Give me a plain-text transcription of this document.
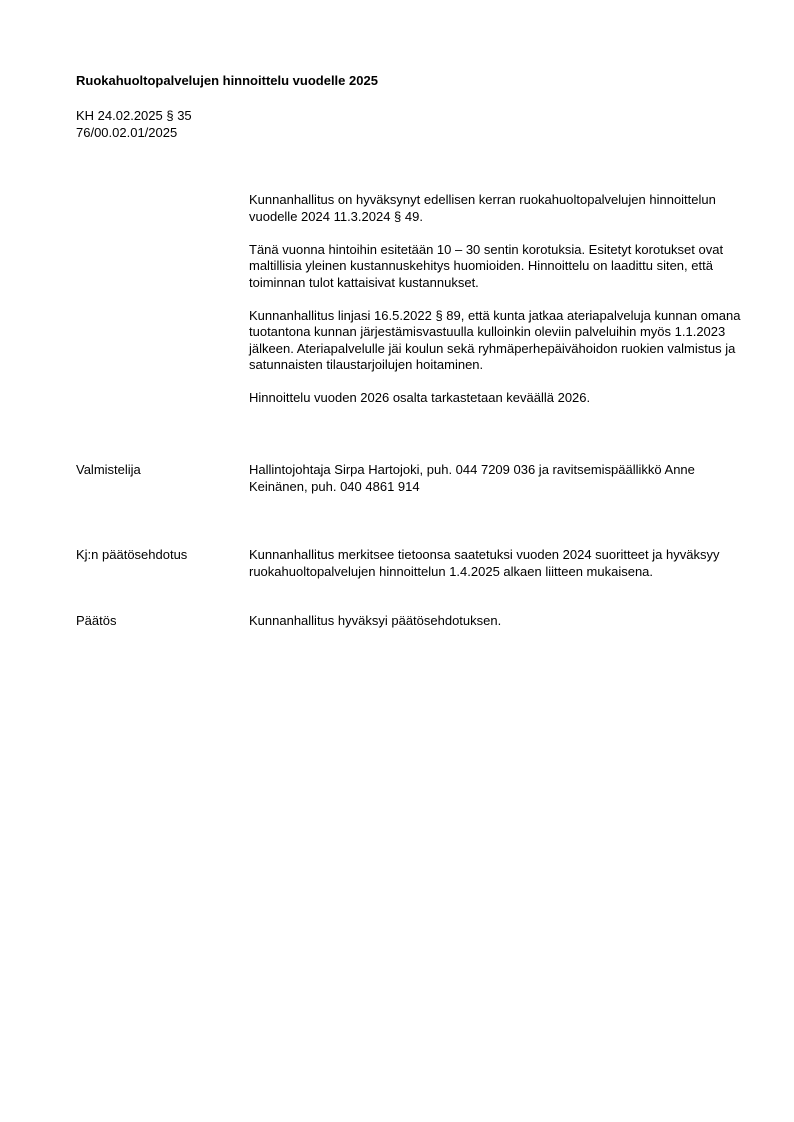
Ruokahuoltopalvelujen hinnoittelu vuodelle 2025
KH 24.02.2025 § 35
76/00.02.01/2025

Kunnanhallitus on hyväksynyt edellisen kerran ruokahuoltopalvelujen hinnoittelun vuodelle 2024 11.3.2024 § 49.

Tänä vuonna hintoihin esitetään 10 – 30 sentin korotuksia. Esitetyt korotukset ovat maltillisia yleinen kustannuskehitys huomioiden. Hinnoittelu on laadittu siten, että toiminnan tulot kattaisivat kustannukset.

Kunnanhallitus linjasi 16.5.2022 § 89, että kunta jatkaa ateriapalveluja kunnan omana tuotantona kunnan järjestämisvastuulla kulloinkin oleviin palveluihin myös 1.1.2023 jälkeen. Ateriapalvelulle jäi koulun sekä ryhmäperhepäivähoidon ruokien valmistus ja satunnaisten tilaustarjoilujen hoitaminen.

Hinnoittelu vuoden 2026 osalta tarkastetaan keväällä 2026.

Valmistelija	Hallintojohtaja Sirpa Hartojoki, puh. 044 7209 036 ja ravitsemispäällikkö Anne Keinänen, puh. 040 4861 914
Kj:n päätösehdotus	Kunnanhallitus merkitsee tietoonsa saatetuksi vuoden 2024 suoritteet ja hyväksyy ruokahuoltopalvelujen hinnoittelun 1.4.2025 alkaen liitteen mukaisena.
Päätös	Kunnanhallitus hyväksyi päätösehdotuksen.
